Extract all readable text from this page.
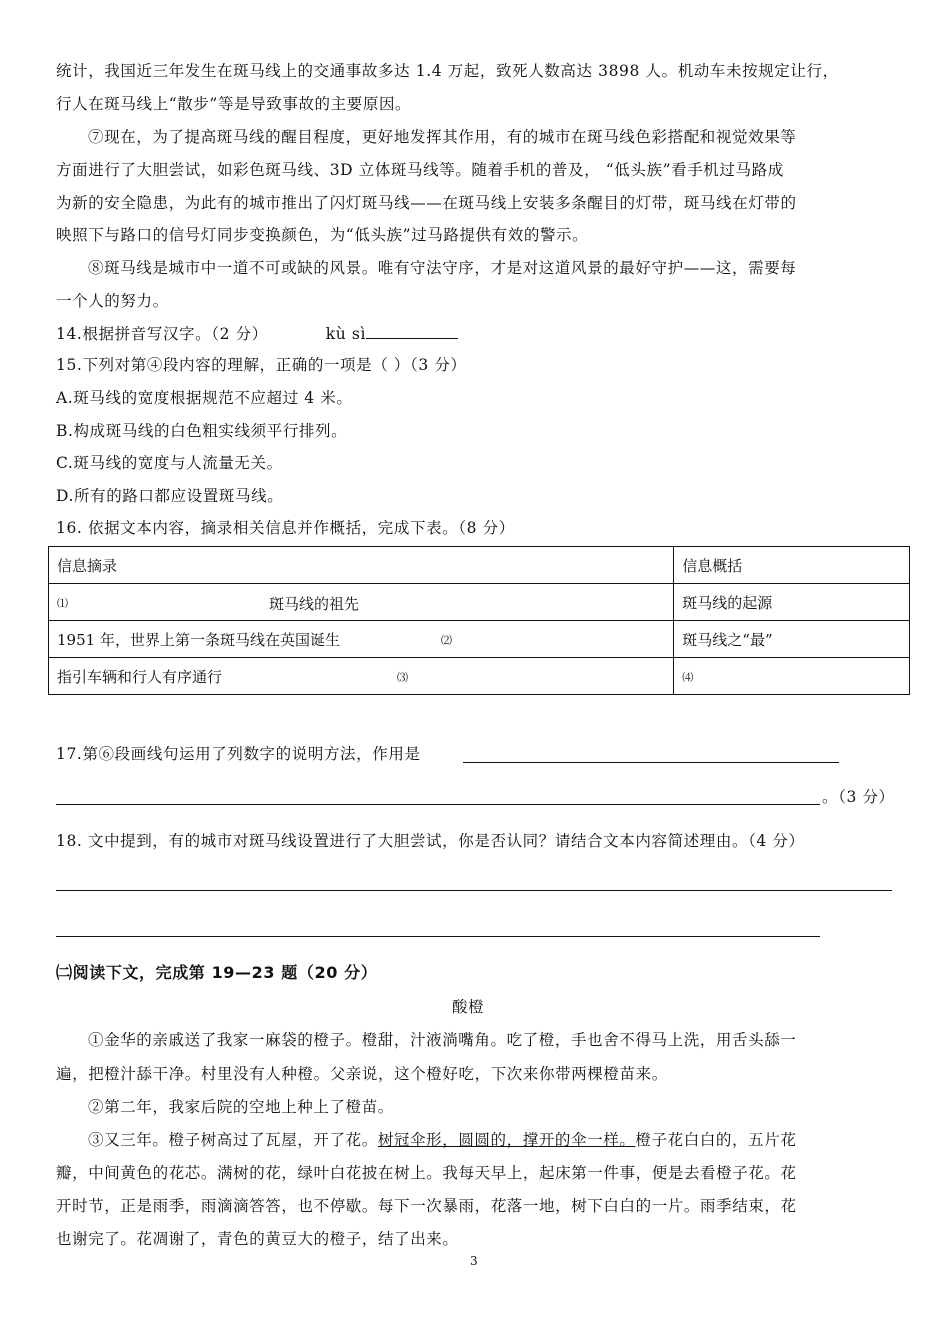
统计，我国近三年发生在斑马线上的交通事故多达 1.4 万起，致死人数高达 3898 人。机动车未按规定让行，
行人在斑马线上“散步”等是导致事故的主要原因。
⑦现在，为了提高斑马线的醒目程度，更好地发挥其作用，有的城市在斑马线色彩搭配和视觉效果等
方面进行了大胆尝试，如彩色斑马线、3D 立体斑马线等。随着手机的普及， “低头族”看手机过马路成
为新的安全隐患，为此有的城市推出了闪灯斑马线——在斑马线上安装多条醒目的灯带，斑马线在灯带的
映照下与路口的信号灯同步变换颜色，为“低头族”过马路提供有效的警示。
⑧斑马线是城市中一道不可或缺的风景。唯有守法守序，才是对这道风景的最好守护——这，需要每
一个人的努力。
14.根据拼音写汉字。（2 分）	kù sì
15.下列对第④段内容的理解，正确的一项是（ ）（3 分）
A.斑马线的宽度根据规范不应超过 4 米。
B.构成斑马线的白色粗实线须平行排列。
C.斑马线的宽度与人流量无关。
D.所有的路口都应设置斑马线。
16. 依据文本内容，摘录相关信息并作概括，完成下表。（8 分）
信息摘录	信息概括
⑴ 斑马线的祖先	斑马线的起源
1951 年，世界上第一条斑马线在英国诞生 ⑵	斑马线之“最”
指引车辆和行人有序通行 ⑶	⑷
17.第⑥段画线句运用了列数字的说明方法，作用是
。（3 分）
18. 文中提到，有的城市对斑马线设置进行了大胆尝试，你是否认同？请结合文本内容简述理由。（4 分）
㈡阅读下文，完成第 19—23 题（20 分）
酸橙
①金华的亲戚送了我家一麻袋的橙子。橙甜，汁液淌嘴角。吃了橙，手也舍不得马上洗，用舌头舔一
遍，把橙汁舔干净。村里没有人种橙。父亲说，这个橙好吃，下次来你带两棵橙苗来。
②第二年，我家后院的空地上种上了橙苗。
③又三年。橙子树高过了瓦屋，开了花。树冠伞形，圆圆的，撑开的伞一样。橙子花白白的，五片花
瓣，中间黄色的花芯。满树的花，绿叶白花披在树上。我每天早上，起床第一件事，便是去看橙子花。花
开时节，正是雨季，雨滴滴答答，也不停歇。每下一次暴雨，花落一地，树下白白的一片。雨季结束，花
也谢完了。花凋谢了，青色的黄豆大的橙子，结了出来。
3
